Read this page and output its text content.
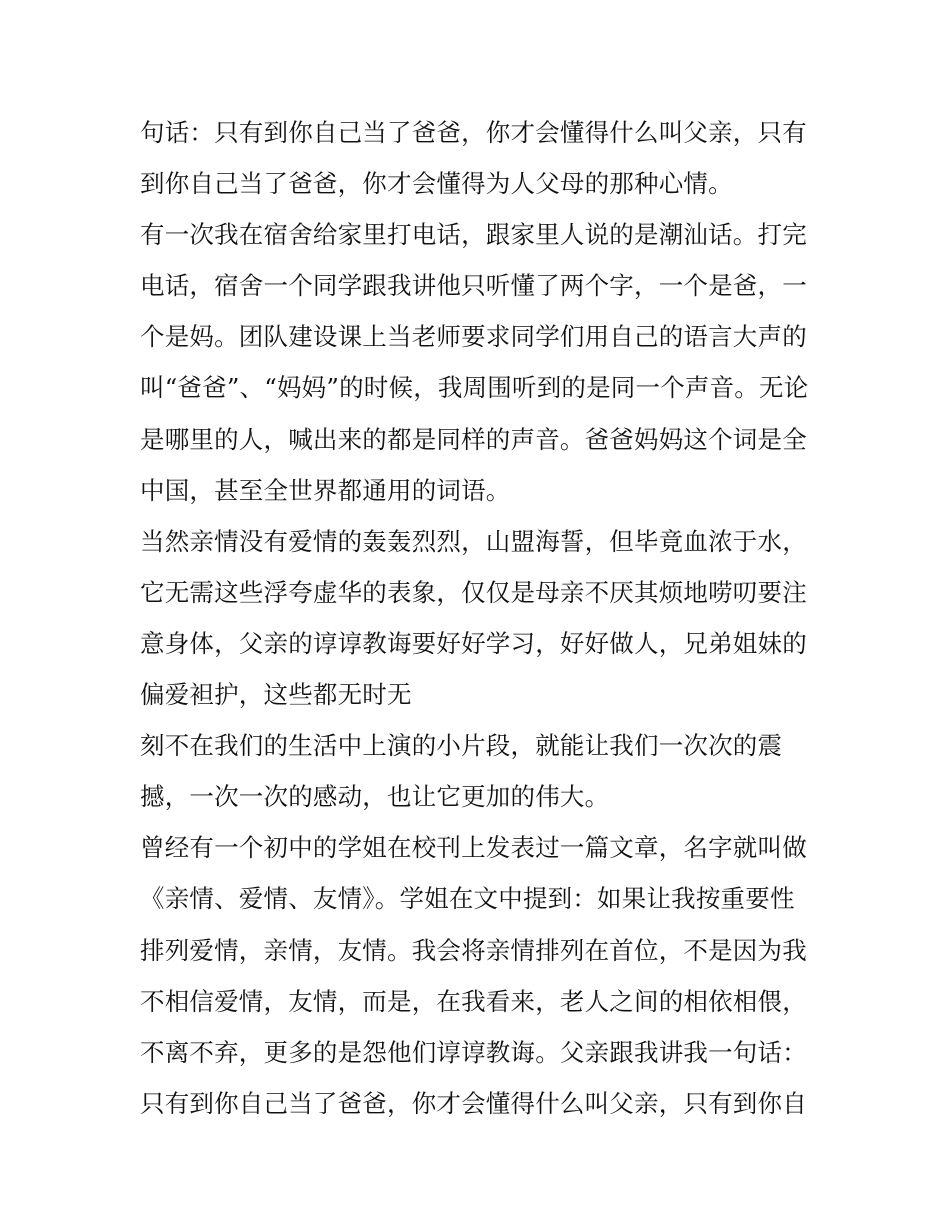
句话：只有到你自己当了爸爸，你才会懂得什么叫父亲，只有
到你自己当了爸爸，你才会懂得为人父母的那种心情。
有一次我在宿舍给家里打电话，跟家里人说的是潮汕话。打完
电话，宿舍一个同学跟我讲他只听懂了两个字，一个是爸，一
个是妈。团队建设课上当老师要求同学们用自己的语言大声的
叫“爸爸”、“妈妈”的时候，我周围听到的是同一个声音。无论
是哪里的人，喊出来的都是同样的声音。爸爸妈妈这个词是全
中国，甚至全世界都通用的词语。
当然亲情没有爱情的轰轰烈烈，山盟海誓，但毕竟血浓于水，
它无需这些浮夸虚华的表象，仅仅是母亲不厌其烦地唠叨要注
意身体，父亲的谆谆教诲要好好学习，好好做人，兄弟姐妹的
偏爱袒护，这些都无时无
刻不在我们的生活中上演的小片段，就能让我们一次次的震
撼，一次一次的感动，也让它更加的伟大。
曾经有一个初中的学姐在校刊上发表过一篇文章，名字就叫做
《亲情、爱情、友情》。学姐在文中提到：如果让我按重要性
排列爱情，亲情，友情。我会将亲情排列在首位，不是因为我
不相信爱情，友情，而是，在我看来，老人之间的相依相偎，
不离不弃，更多的是怨他们谆谆教诲。父亲跟我讲我一句话：
只有到你自己当了爸爸，你才会懂得什么叫父亲，只有到你自
